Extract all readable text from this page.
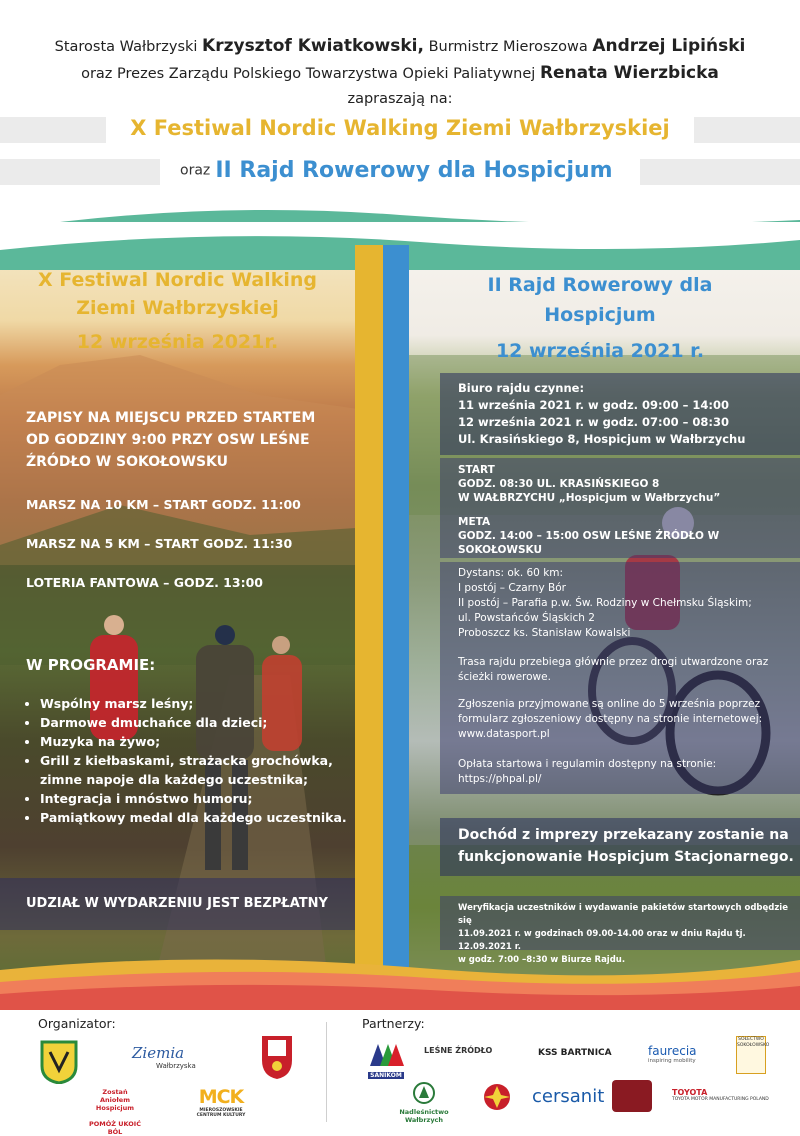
Starosta Wałbrzyski Krzysztof Kwiatkowski, Burmistrz Mieroszowa Andrzej Lipiński
oraz Prezes Zarządu Polskiego Towarzystwa Opieki Paliatywnej Renata Wierzbicka
zapraszają na:
X Festiwal Nordic Walking Ziemi Wałbrzyskiej
oraz II Rajd Rowerowy dla Hospicjum
X Festiwal Nordic Walking
Ziemi Wałbrzyskiej
12 września 2021r.
ZAPISY NA MIEJSCU PRZED STARTEM
OD GODZINY 9:00 PRZY OSW LEŚNE
ŹRÓDŁO W SOKOŁOWSKU
MARSZ NA 10 KM – START GODZ. 11:00
MARSZ NA 5 KM – START GODZ. 11:30
LOTERIA FANTOWA – GODZ. 13:00
W PROGRAMIE:
• Wspólny marsz leśny;
• Darmowe dmuchańce dla dzieci;
• Muzyka na żywo;
• Grill z kiełbaskami, strażacka grochówka,
zimne napoje dla każdego uczestnika;
• Integracja i mnóstwo humoru;
• Pamiątkowy medal dla każdego uczestnika.
UDZIAŁ W WYDARZENIU JEST BEZPŁATNY
II Rajd Rowerowy dla
Hospicjum
12 września 2021 r.
Biuro rajdu czynne:
11 września 2021 r. w godz. 09:00 – 14:00
12 września 2021 r. w godz. 07:00 – 08:30
Ul. Krasińskiego 8, Hospicjum w Wałbrzychu
START
GODZ. 08:30 UL. KRASIŃSKIEGO 8
W WAŁBRZYCHU „Hospicjum w Wałbrzychu”
META
GODZ. 14:00 – 15:00 OSW LEŚNE ŹRÓDŁO W SOKOŁOWSKU
Dystans: ok. 60 km:
I postój – Czarny Bór
II postój – Parafia p.w. Św. Rodziny w Chełmsku Śląskim;
ul. Powstańców Śląskich 2
Proboszcz ks. Stanisław Kowalski
Trasa rajdu przebiega głównie przez drogi utwardzone oraz
ścieżki rowerowe.
Zgłoszenia przyjmowane są online do 5 września poprzez
formularz zgłoszeniowy dostępny na stronie internetowej:
www.datasport.pl
Opłata startowa i regulamin dostępny na stronie:
https://phpal.pl/
Dochód z imprezy przekazany zostanie na
funkcjonowanie Hospicjum Stacjonarnego.
Weryfikacja uczestników i wydawanie pakietów startowych odbędzie się
11.09.2021 r. w godzinach 09.00-14.00 oraz w dniu Rajdu tj. 12.09.2021 r.
w godz. 7:00 –8:30 w Biurze Rajdu.
Organizator:	Partnerzy:
Ziemia
Wałbrzyska
Zostań
Aniołem Hospicjum
POMÓŻ UKOIĆ BÓL
MCK
MIEROSZOWSKIE CENTRUM KULTURY
SANIKOM
LEŚNE ŹRÓDŁO	KSS BARTNICA	faurecia
inspiring mobility
SOŁECTWO SOKOŁOWSKO
Nadleśnictwo Wałbrzych
cersanit	TOYOTA
TOYOTA MOTOR MANUFACTURING POLAND
